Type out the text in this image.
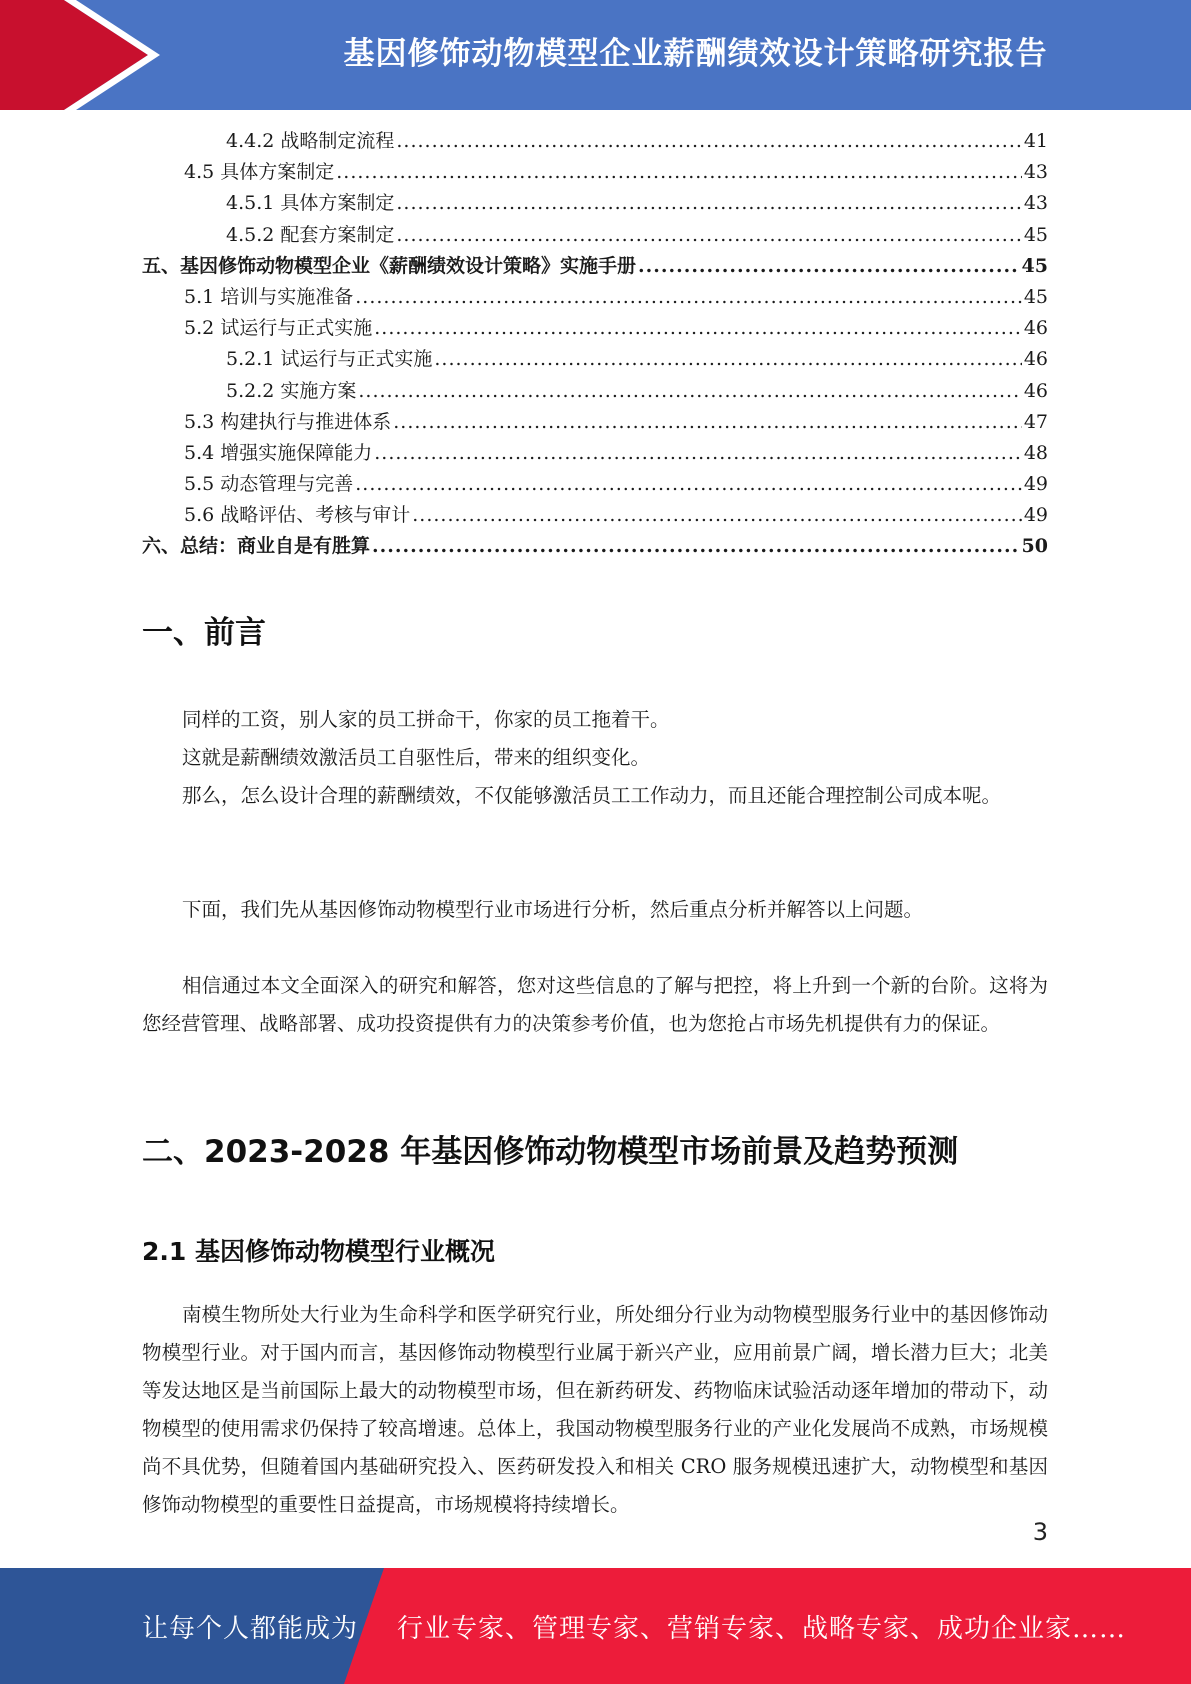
基因修饰动物模型企业薪酬绩效设计策略研究报告
4.4.2 战略制定流程 .....	41
4.5 具体方案制定 .....	43
4.5.1 具体方案制定 .....	43
4.5.2 配套方案制定 .....	45
五、基因修饰动物模型企业《薪酬绩效设计策略》实施手册 .....	45
5.1 培训与实施准备 .....	45
5.2 试运行与正式实施 .....	46
5.2.1 试运行与正式实施 .....	46
5.2.2 实施方案 .....	46
5.3 构建执行与推进体系 .....	47
5.4 增强实施保障能力 .....	48
5.5 动态管理与完善 .....	49
5.6 战略评估、考核与审计 .....	49
六、总结：商业自是有胜算 .....	50
一、前言

同样的工资，别人家的员工拼命干，你家的员工拖着干。

这就是薪酬绩效激活员工自驱性后，带来的组织变化。

那么，怎么设计合理的薪酬绩效，不仅能够激活员工工作动力，而且还能合理控制公司成本呢。

下面，我们先从基因修饰动物模型行业市场进行分析，然后重点分析并解答以上问题。

相信通过本文全面深入的研究和解答，您对这些信息的了解与把控，将上升到一个新的台阶。这将为您经营管理、战略部署、成功投资提供有力的决策参考价值，也为您抢占市场先机提供有力的保证。

二、2023-2028 年基因修饰动物模型市场前景及趋势预测
2.1 基因修饰动物模型行业概况

南模生物所处大行业为生命科学和医学研究行业，所处细分行业为动物模型服务行业中的基因修饰动物模型行业。对于国内而言，基因修饰动物模型行业属于新兴产业，应用前景广阔，增长潜力巨大；北美等发达地区是当前国际上最大的动物模型市场，但在新药研发、药物临床试验活动逐年增加的带动下，动物模型的使用需求仍保持了较高增速。总体上，我国动物模型服务行业的产业化发展尚不成熟，市场规模尚不具优势，但随着国内基础研究投入、医药研发投入和相关 CRO 服务规模迅速扩大，动物模型和基因修饰动物模型的重要性日益提高，市场规模将持续增长。

3
让每个人都能成为 行业专家、管理专家、营销专家、战略专家、成功企业家……
